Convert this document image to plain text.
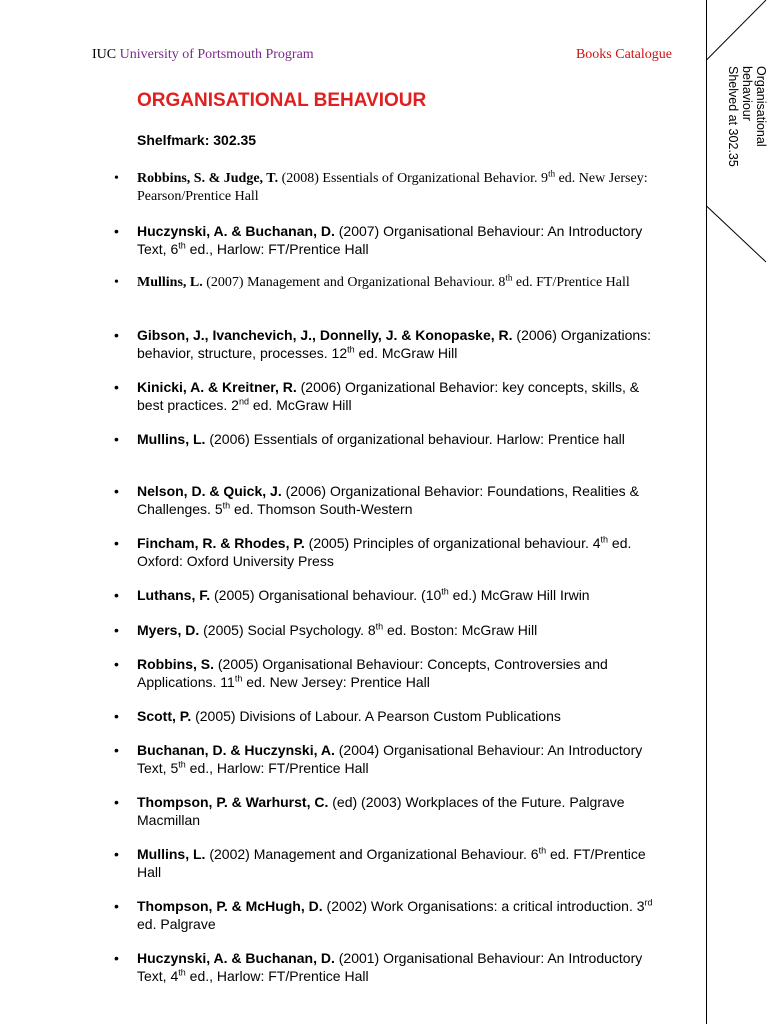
IUC University of Portsmouth Program	Books Catalogue
Organisational
behaviour
Shelved at 302.35
ORGANISATIONAL BEHAVIOUR
Shelfmark: 302.35
• Robbins, S. & Judge, T. (2008) Essentials of Organizational Behavior. 9th ed. New Jersey: Pearson/Prentice Hall
• Huczynski, A. & Buchanan, D. (2007) Organisational Behaviour: An Introductory Text, 6th ed., Harlow: FT/Prentice Hall
• Mullins, L. (2007) Management and Organizational Behaviour. 8th ed. FT/Prentice Hall
• Gibson, J., Ivanchevich, J., Donnelly, J. & Konopaske, R. (2006) Organizations: behavior, structure, processes. 12th ed. McGraw Hill
• Kinicki, A. & Kreitner, R. (2006) Organizational Behavior: key concepts, skills, & best practices. 2nd ed. McGraw Hill
• Mullins, L. (2006) Essentials of organizational behaviour. Harlow: Prentice hall
• Nelson, D. & Quick, J. (2006) Organizational Behavior: Foundations, Realities & Challenges. 5th ed. Thomson South-Western
• Fincham, R. & Rhodes, P. (2005) Principles of organizational behaviour. 4th ed. Oxford: Oxford University Press
• Luthans, F. (2005) Organisational behaviour. (10th ed.) McGraw Hill Irwin
• Myers, D. (2005) Social Psychology. 8th ed. Boston: McGraw Hill
• Robbins, S. (2005) Organisational Behaviour: Concepts, Controversies and Applications. 11th ed. New Jersey: Prentice Hall
• Scott, P. (2005) Divisions of Labour. A Pearson Custom Publications
• Buchanan, D. & Huczynski, A. (2004) Organisational Behaviour: An Introductory Text, 5th ed., Harlow: FT/Prentice Hall
• Thompson, P. & Warhurst, C. (ed) (2003) Workplaces of the Future. Palgrave Macmillan
• Mullins, L. (2002) Management and Organizational Behaviour. 6th ed. FT/Prentice Hall
• Thompson, P. & McHugh, D. (2002) Work Organisations: a critical introduction. 3rd ed. Palgrave
• Huczynski, A. & Buchanan, D. (2001) Organisational Behaviour: An Introductory Text, 4th ed., Harlow: FT/Prentice Hall
